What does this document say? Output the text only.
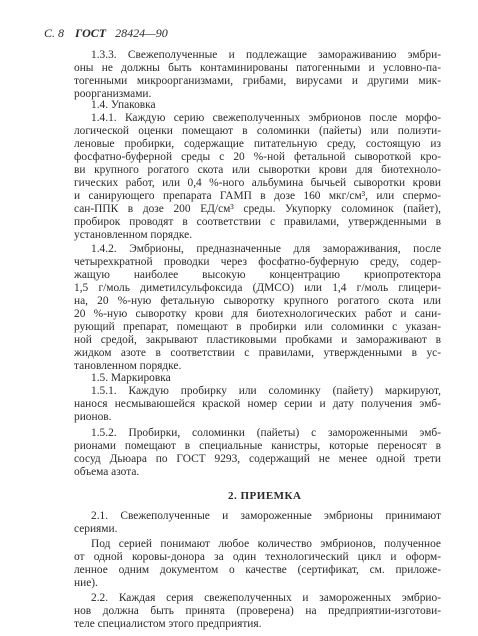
С. 8 ГОСТ 28424—90
1.3.3. Свежеполученные и подлежащие замораживанию эмбри-
оны не должны быть контаминированы патогенными и условно-па-
тогенными микроорганизмами, грибами, вирусами и другими мик-
роорганизмами.
1.4. Упаковка
1.4.1. Каждую серию свежеполученных эмбрионов после морфо-
логической оценки помещают в соломинки (пайеты) или полиэти-
леновые пробирки, содержащие питательную среду, состоящую из
фосфатно-буферной среды с 20 %-ной фетальной сывороткой кро-
ви крупного рогатого скота или сыворотки крови для биотехноло-
гических работ, или 0,4 %-ного альбумина бычьей сыворотки крови
и санирующего препарата ГАМП в дозе 160 мкг/см³, или спермо-
сан-ППК в дозе 200 ЕД/см³ среды. Укупорку соломинок (пайет),
пробирок проводят в соответствии с правилами, утвержденными в
установленном порядке.
1.4.2. Эмбрионы, предназначенные для замораживания, после
четырехкратной проводки через фосфатно-буферную среду, содер-
жащую наиболее высокую концентрацию криопротектора
1,5 г/моль диметилсульфоксида (ДМСО) или 1,4 г/моль глицери-
на, 20 %-ную фетальную сыворотку крупного рогатого скота или
20 %-ную сыворотку крови для биотехнологических работ и сани-
рующий препарат, помещают в пробирки или соломинки с указан-
ной средой, закрывают пластиковыми пробками и замораживают в
жидком азоте в соответствии с правилами, утвержденными в ус-
тановленном порядке.
1.5. Маркировка
1.5.1. Каждую пробирку или соломинку (пайету) маркируют,
нанося несмываюшейся краской номер серии и дату получения эмб-
рионов.
1.5.2. Пробирки, соломинки (пайеты) с замороженными эмб-
рионами помещают в специальные канистры, которые переносят в
сосуд Дьюара по ГОСТ 9293, содержащий не менее одной трети
объема азота.
2. ПРИЕМКА
2.1. Свежеполученные и замороженные эмбрионы принимают
сериями.
Под серией понимают любое количество эмбрионов, полученное
от одной коровы-донора за один технологический цикл и оформ-
ленное одним документом о качестве (сертификат, см. приложе-
ние).
2.2. Каждая серия свежеполученных и замороженных эмбрио-
нов должна быть принята (проверена) на предприятии-изготови-
теле специалистом этого предприятия.
